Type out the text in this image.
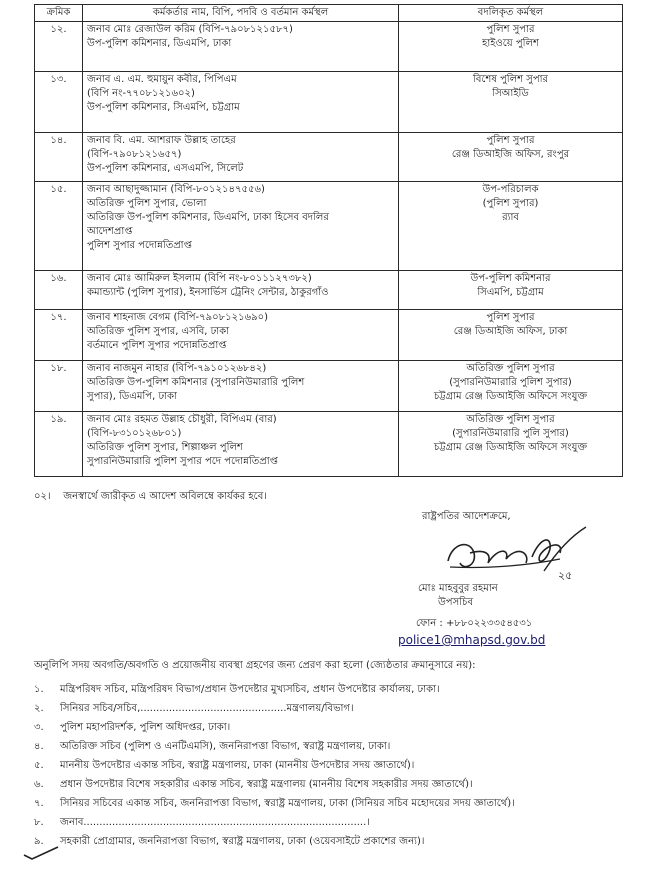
ক্রমিক	কর্মকর্তার নাম, বিপি, পদবি ও বর্তমান কর্মস্থল	বদলিকৃত কর্মস্থল
১২.	জনাব মোঃ রেজাউল করিম (বিপি-৭৯০৮১২১৫৮৭)
উপ-পুলিশ কমিশনার, ডিএমপি, ঢাকা	পুলিশ সুপার
হাইওয়ে পুলিশ

১৩.	জনাব এ. এম. হুমায়ুন কবীর, পিপিএম
(বিপি নং-৭৭০৮১২১৬০২)
উপ-পুলিশ কমিশনার, সিএমপি, চট্টগ্রাম	বিশেষ পুলিশ সুপার
সিআইডি

১৪.	জনাব বি. এম. আশরাফ উল্লাহ তাহের
(বিপি-৭৯০৮১২১৬৫৭)
উপ-পুলিশ কমিশনার, এসএমপি, সিলেট	পুলিশ সুপার
রেঞ্জ ডিআইজি অফিস, রংপুর

১৫.	জনাব আছাদুজ্জামান (বিপি-৮০১২১৪৭৫৫৬)
অতিরিক্ত পুলিশ সুপার, ভোলা
অতিরিক্ত উপ-পুলিশ কমিশনার, ডিএমপি, ঢাকা হিসেব বদলির
আদেশপ্রাপ্ত
পুলিশ সুপার পদোন্নতিপ্রাপ্ত	উপ-পরিচালক
(পুলিশ সুপার)
র‍্যাব

১৬.	জনাব মোঃ আমিরুল ইসলাম (বিপি নং-৮০১১১২৭৩৮২)
কমান্ড্যান্ট (পুলিশ সুপার), ইনসার্ভিস ট্রেনিং সেন্টার, ঠাকুরগাঁও	উপ-পুলিশ কমিশনার
সিএমপি, চট্টগ্রাম

১৭.	জনাব শাহনাজ বেগম (বিপি-৭৯০৮১২১৬৯০)
অতিরিক্ত পুলিশ সুপার, এসবি, ঢাকা
বর্তমানে পুলিশ সুপার পদোন্নতিপ্রাপ্ত	পুলিশ সুপার
রেঞ্জ ডিআইজি অফিস, ঢাকা

১৮.	জনাব নাজমুন নাহার (বিপি-৭৯১০১২৬৮৪২)
অতিরিক্ত উপ-পুলিশ কমিশনার (সুপারনিউমারারি পুলিশ
সুপার), ডিএমপি, ঢাকা	অতিরিক্ত পুলিশ সুপার
(সুপারনিউমারারি পুলিশ সুপার)
চট্টগ্রাম রেঞ্জ ডিআইজি অফিসে সংযুক্ত

১৯.	জনাব মোঃ রহমত উল্লাহ চৌধুরী, বিপিএম (বার)
(বিপি-৮৩১০১২৬৮০১)
অতিরিক্ত পুলিশ সুপার, শিল্পাঞ্চল পুলিশ
সুপারনিউমারারি পুলিশ সুপার পদে পদোন্নতিপ্রাপ্ত	অতিরিক্ত পুলিশ সুপার
(সুপারনিউমারারি পুলি সুপার)
চট্টগ্রাম রেঞ্জ ডিআইজি অফিসে সংযুক্ত
০২। জনস্বার্থে জারীকৃত এ আদেশ অবিলম্বে কার্যকর হবে।
রাষ্ট্রপতির আদেশক্রমে,
২৫
মোঃ মাহবুবুর রহমান
উপসচিব
ফোন : +৮৮০২২৩৩৫৪৫৩১
police1@mhapsd.gov.bd
অনুলিপি সদয় অবগতি/অবগতি ও প্রয়োজনীয় ব্যবস্থা গ্রহণের জন্য প্রেরণ করা হলো (জ্যেষ্ঠতার ক্রমানুসারে নয়):
১. মন্ত্রিপরিষদ সচিব, মন্ত্রিপরিষদ বিভাগ/প্রধান উপদেষ্টার মুখ্যসচিব, প্রধান উপদেষ্টার কার্যালয়, ঢাকা।
২. সিনিয়র সচিব/সচিব,..............................................মন্ত্রণালয়/বিভাগ।
৩. পুলিশ মহাপরিদর্শক, পুলিশ অধিদপ্তর, ঢাকা।
৪. অতিরিক্ত সচিব (পুলিশ ও এনটিএমসি), জননিরাপত্তা বিভাগ, স্বরাষ্ট্র মন্ত্রণালয়, ঢাকা।
৫. মাননীয় উপদেষ্টার একান্ত সচিব, স্বরাষ্ট্র মন্ত্রণালয়, ঢাকা (মাননীয় উপদেষ্টার সদয় জ্ঞাতার্থে)।
৬. প্রধান উপদেষ্টার বিশেষ সহকারীর একান্ত সচিব, স্বরাষ্ট্র মন্ত্রণালয় (মাননীয় বিশেষ সহকারীর সদয় জ্ঞাতার্থে)।
৭. সিনিয়র সচিবের একান্ত সচিব, জননিরাপত্তা বিভাগ, স্বরাষ্ট্র মন্ত্রণালয়, ঢাকা (সিনিয়র সচিব মহোদয়ের সদয় জ্ঞাতার্থে)।
৮. জনাব.........................................................................................।
৯. সহকারী প্রোগ্রামার, জননিরাপত্তা বিভাগ, স্বরাষ্ট্র মন্ত্রণালয়, ঢাকা (ওয়েবসাইটে প্রকাশের জন্য)।
